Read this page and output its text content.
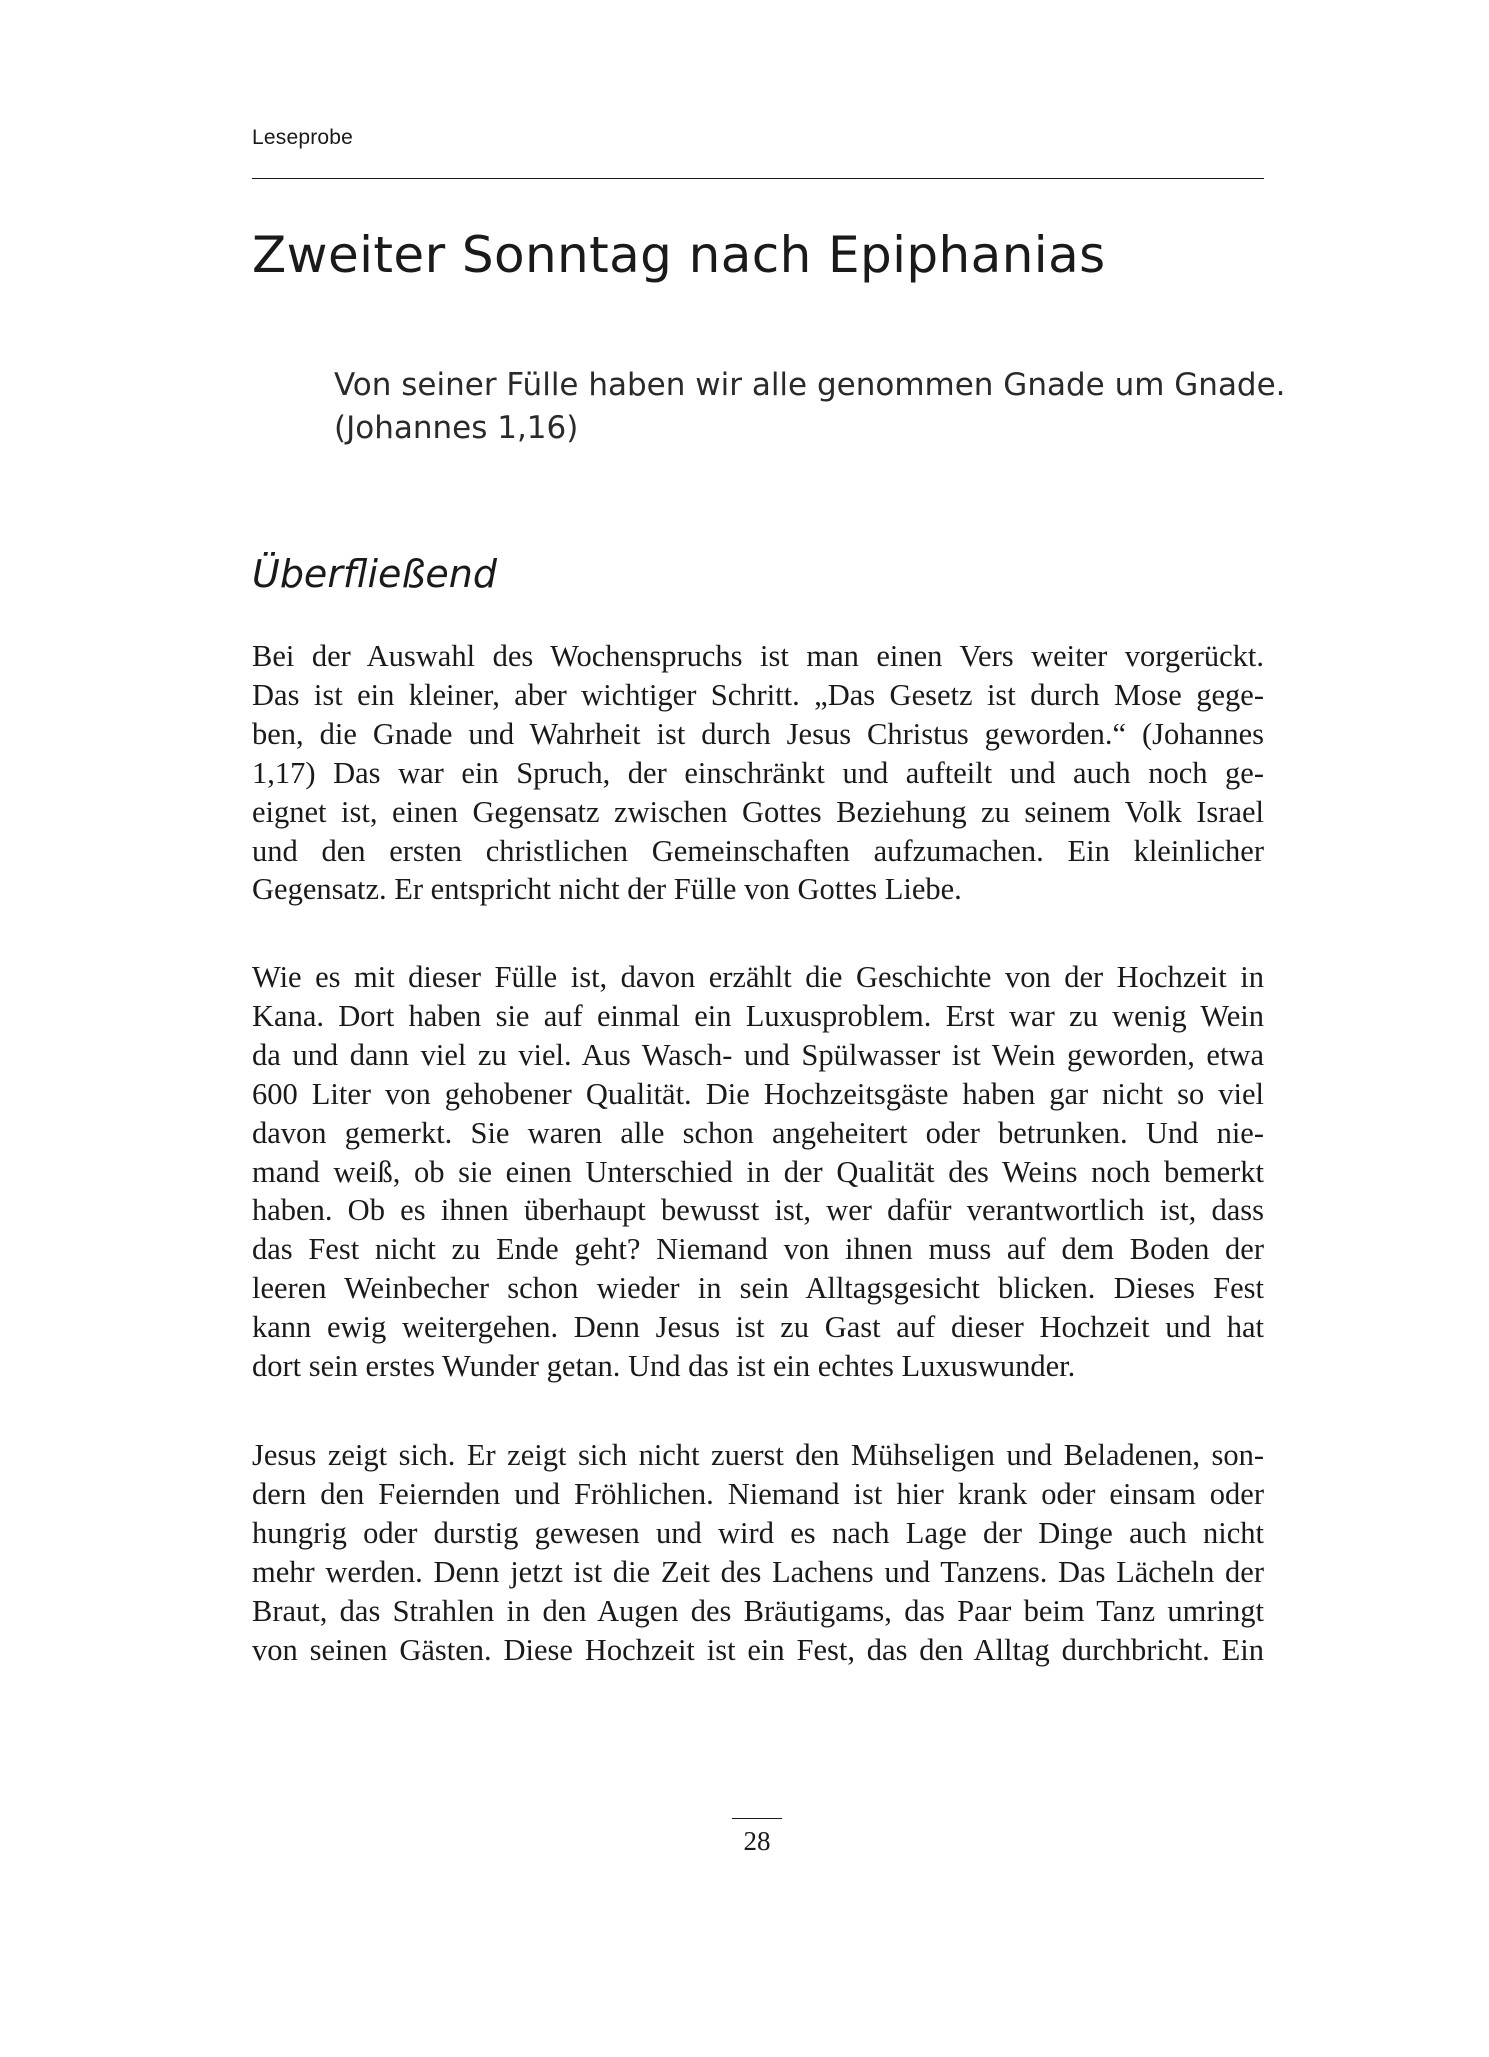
Leseprobe
Zweiter Sonntag nach Epiphanias
Von seiner Fülle haben wir alle genommen Gnade um Gnade.
(Johannes 1,16)
Überfließend
Bei der Auswahl des Wochenspruchs ist man einen Vers weiter vorgerückt.
Das ist ein kleiner, aber wichtiger Schritt. „Das Gesetz ist durch Mose gege-
ben, die Gnade und Wahrheit ist durch Jesus Christus geworden.“ (Johannes
1,17) Das war ein Spruch, der einschränkt und aufteilt und auch noch ge-
eignet ist, einen Gegensatz zwischen Gottes Beziehung zu seinem Volk Israel
und den ersten christlichen Gemeinschaften aufzumachen. Ein kleinlicher
Gegensatz. Er entspricht nicht der Fülle von Gottes Liebe.
Wie es mit dieser Fülle ist, davon erzählt die Geschichte von der Hochzeit in
Kana. Dort haben sie auf einmal ein Luxusproblem. Erst war zu wenig Wein
da und dann viel zu viel. Aus Wasch- und Spülwasser ist Wein geworden, etwa
600 Liter von gehobener Qualität. Die Hochzeitsgäste haben gar nicht so viel
davon gemerkt. Sie waren alle schon angeheitert oder betrunken. Und nie-
mand weiß, ob sie einen Unterschied in der Qualität des Weins noch bemerkt
haben. Ob es ihnen überhaupt bewusst ist, wer dafür verantwortlich ist, dass
das Fest nicht zu Ende geht? Niemand von ihnen muss auf dem Boden der
leeren Weinbecher schon wieder in sein Alltagsgesicht blicken. Dieses Fest
kann ewig weitergehen. Denn Jesus ist zu Gast auf dieser Hochzeit und hat
dort sein erstes Wunder getan. Und das ist ein echtes Luxuswunder.
Jesus zeigt sich. Er zeigt sich nicht zuerst den Mühseligen und Beladenen, son-
dern den Feiernden und Fröhlichen. Niemand ist hier krank oder einsam oder
hungrig oder durstig gewesen und wird es nach Lage der Dinge auch nicht
mehr werden. Denn jetzt ist die Zeit des Lachens und Tanzens. Das Lächeln der
Braut, das Strahlen in den Augen des Bräutigams, das Paar beim Tanz umringt
von seinen Gästen. Diese Hochzeit ist ein Fest, das den Alltag durchbricht. Ein
28
